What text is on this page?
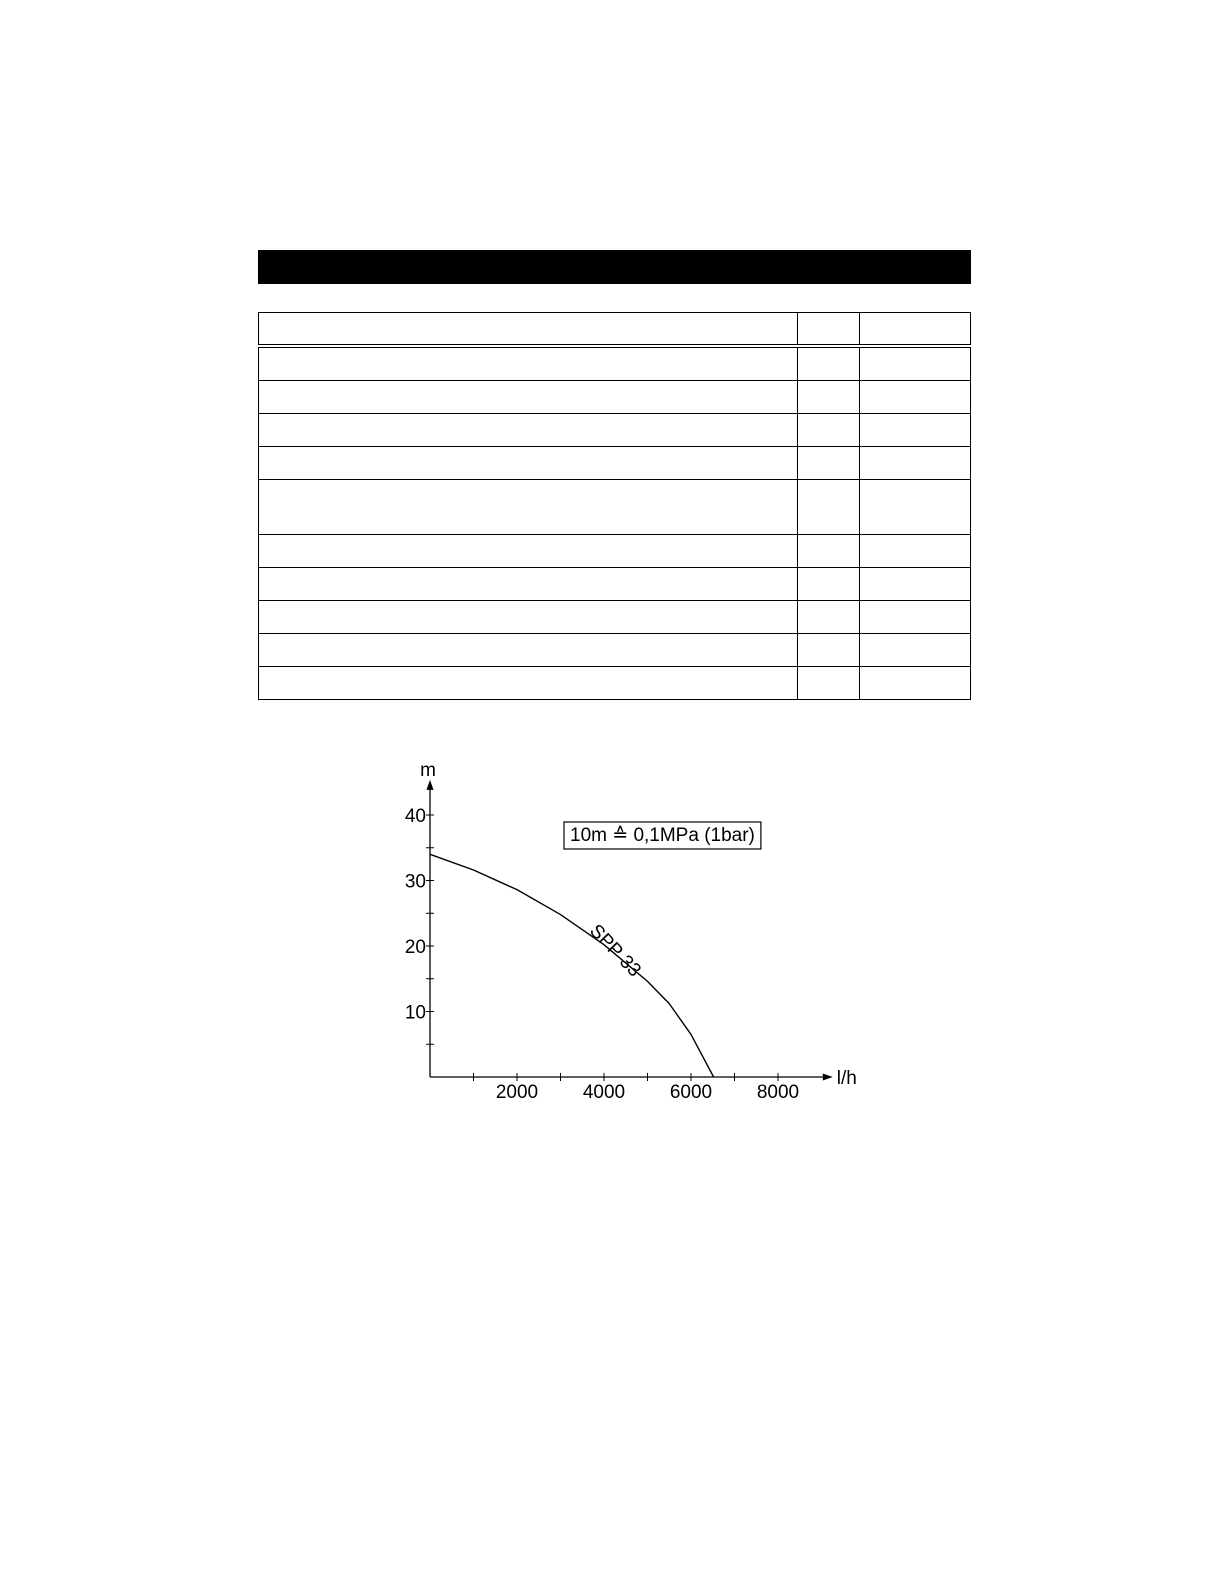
2000 4000 6000 8000
10
20
30
40
l/h
m
10m ≙ 0,1MPa (1bar)
SPP 33
